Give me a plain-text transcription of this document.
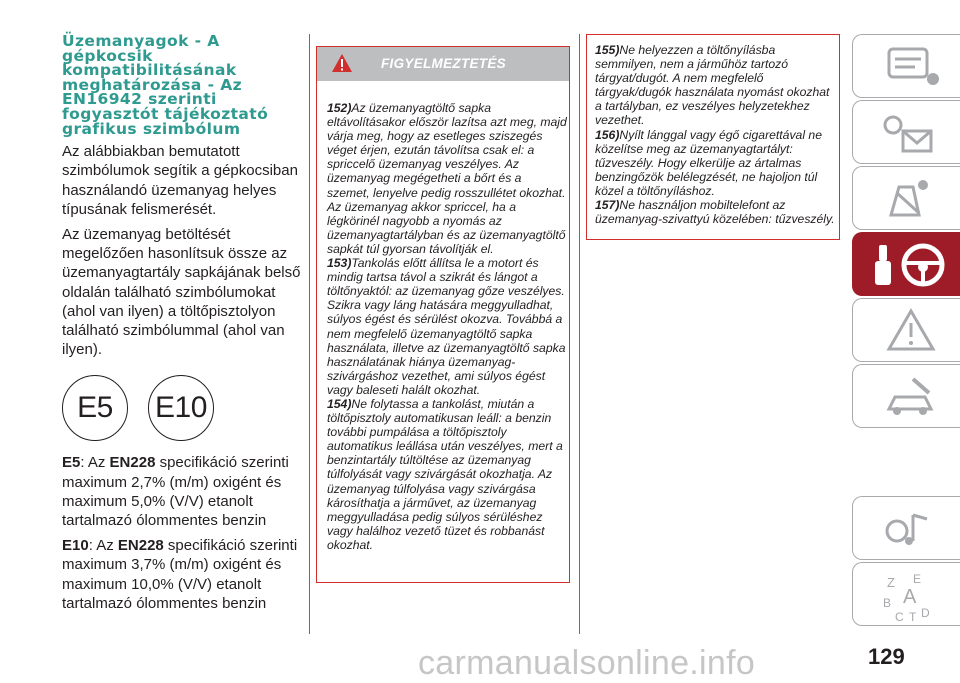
Üzemanyagok - A
gépkocsik
kompatibilitásának
meghatározása - Az
EN16942 szerinti
fogyasztót tájékoztató
grafikus szimbólum

Az alábbiakban bemutatott szimbólumok segítik a gépkocsiban használandó üzemanyag helyes típusának felismerését.

Az üzemanyag betöltését megelőzően hasonlítsuk össze az üzemanyagtartály sapkájának belső oldalán található szimbólumokat (ahol van ilyen) a töltőpisztolyon található szimbólummal (ahol van ilyen).

E5	E10

E5: Az EN228 specifikáció szerinti maximum 2,7% (m/m) oxigént és maximum 5,0% (V/V) etanolt tartalmazó ólommentes benzin

E10: Az EN228 specifikáció szerinti maximum 3,7% (m/m) oxigént és maximum 10,0% (V/V) etanolt tartalmazó ólommentes benzin

FIGYELMEZTETÉS

152)Az üzemanyagtöltő sapka eltávolításakor először lazítsa azt meg, majd várja meg, hogy az esetleges sziszegés véget érjen, ezután távolítsa csak el: a spriccelő üzemanyag veszélyes. Az üzemanyag megégetheti a bőrt és a szemet, lenyelve pedig rosszullétet okozhat. Az üzemanyag akkor spriccel, ha a légkörinél nagyobb a nyomás az üzemanyagtartályban és az üzemanyagtöltő sapkát túl gyorsan távolítják el.

153)Tankolás előtt állítsa le a motort és mindig tartsa távol a szikrát és lángot a töltőnyaktól: az üzemanyag gőze veszélyes. Szikra vagy láng hatására meggyulladhat, súlyos égést és sérülést okozva. Továbbá a nem megfelelő üzemanyagtöltő sapka használata, illetve az üzemanyagtöltő sapka használatának hiánya üzemanyag-szivárgáshoz vezethet, ami súlyos égést vagy baleseti halált okozhat.

154)Ne folytassa a tankolást, miután a töltőpisztoly automatikusan leáll: a benzin további pumpálása a töltőpisztoly automatikus leállása után veszélyes, mert a benzintartály túltöltése az üzemanyag túlfolyását vagy szivárgását okozhatja. Az üzemanyag túlfolyása vagy szivárgása károsíthatja a járművet, az üzemanyag meggyulladása pedig súlyos sérüléshez vagy halálhoz vezető tüzet és robbanást okozhat.

155)Ne helyezzen a töltőnyílásba semmilyen, nem a járműhöz tartozó tárgyat/dugót. A nem megfelelő tárgyak/dugók használata nyomást okozhat a tartályban, ez veszélyes helyzetekhez vezethet.

156)Nyílt lánggal vagy égő cigarettával ne közelítse meg az üzemanyagtartályt: tűzveszély. Hogy elkerülje az ártalmas benzingőzök belélegzését, ne hajoljon túl közel a töltőnyíláshoz.

157)Ne használjon mobiltelefont az üzemanyag-szivattyú közelében: tűzveszély.

Z E
B A
C T D
carmanualsonline.info	129
